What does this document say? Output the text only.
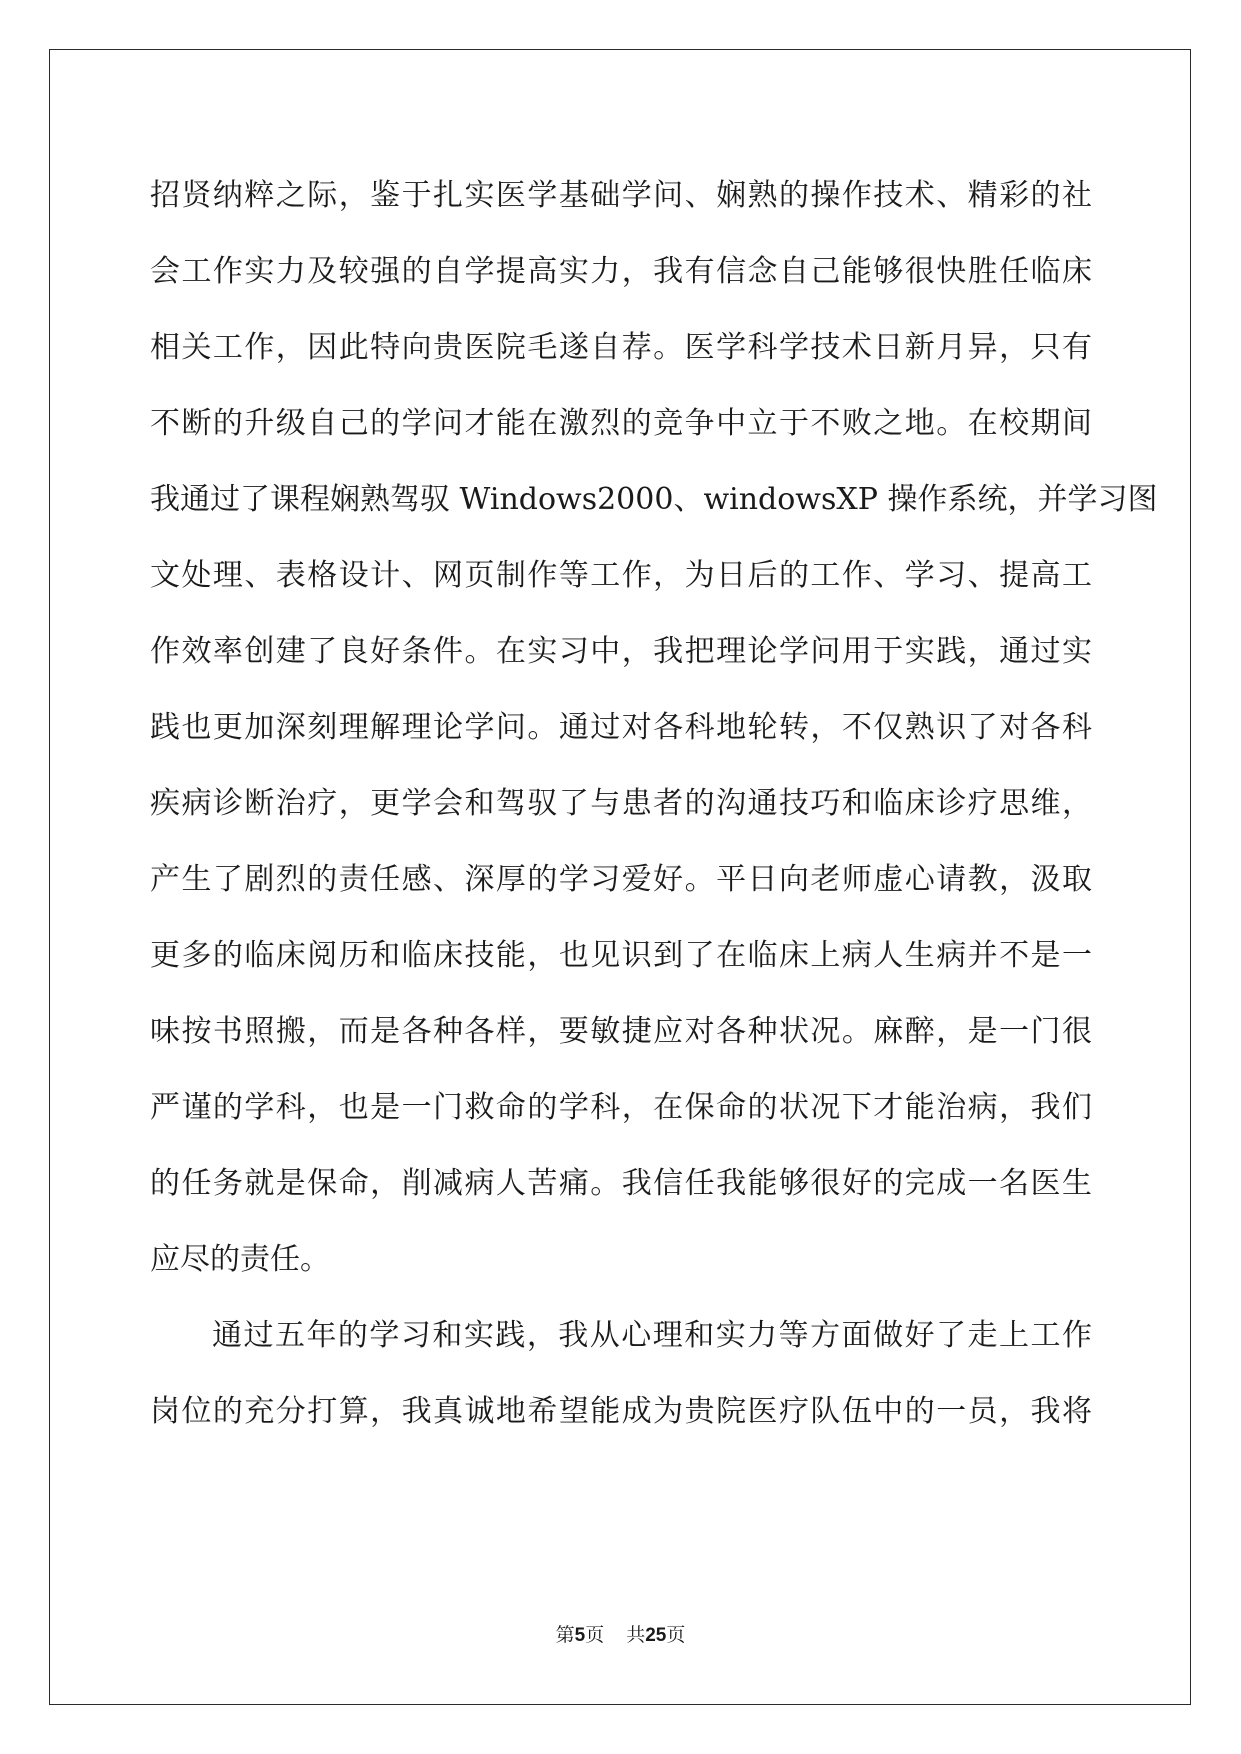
招贤纳粹之际，鉴于扎实医学基础学问、娴熟的操作技术、精彩的社
会工作实力及较强的自学提高实力，我有信念自己能够很快胜任临床
相关工作，因此特向贵医院毛遂自荐。医学科学技术日新月异，只有
不断的升级自己的学问才能在激烈的竞争中立于不败之地。在校期间
我通过了课程娴熟驾驭 Windows2000、windowsXP 操作系统，并学习图
文处理、表格设计、网页制作等工作，为日后的工作、学习、提高工
作效率创建了良好条件。在实习中，我把理论学问用于实践，通过实
践也更加深刻理解理论学问。通过对各科地轮转，不仅熟识了对各科
疾病诊断治疗，更学会和驾驭了与患者的沟通技巧和临床诊疗思维，
产生了剧烈的责任感、深厚的学习爱好。平日向老师虚心请教，汲取
更多的临床阅历和临床技能，也见识到了在临床上病人生病并不是一
味按书照搬，而是各种各样，要敏捷应对各种状况。麻醉，是一门很
严谨的学科，也是一门救命的学科，在保命的状况下才能治病，我们
的任务就是保命，削减病人苦痛。我信任我能够很好的完成一名医生
应尽的责任。
通过五年的学习和实践，我从心理和实力等方面做好了走上工作
岗位的充分打算，我真诚地希望能成为贵院医疗队伍中的一员，我将
第5页 共25页
